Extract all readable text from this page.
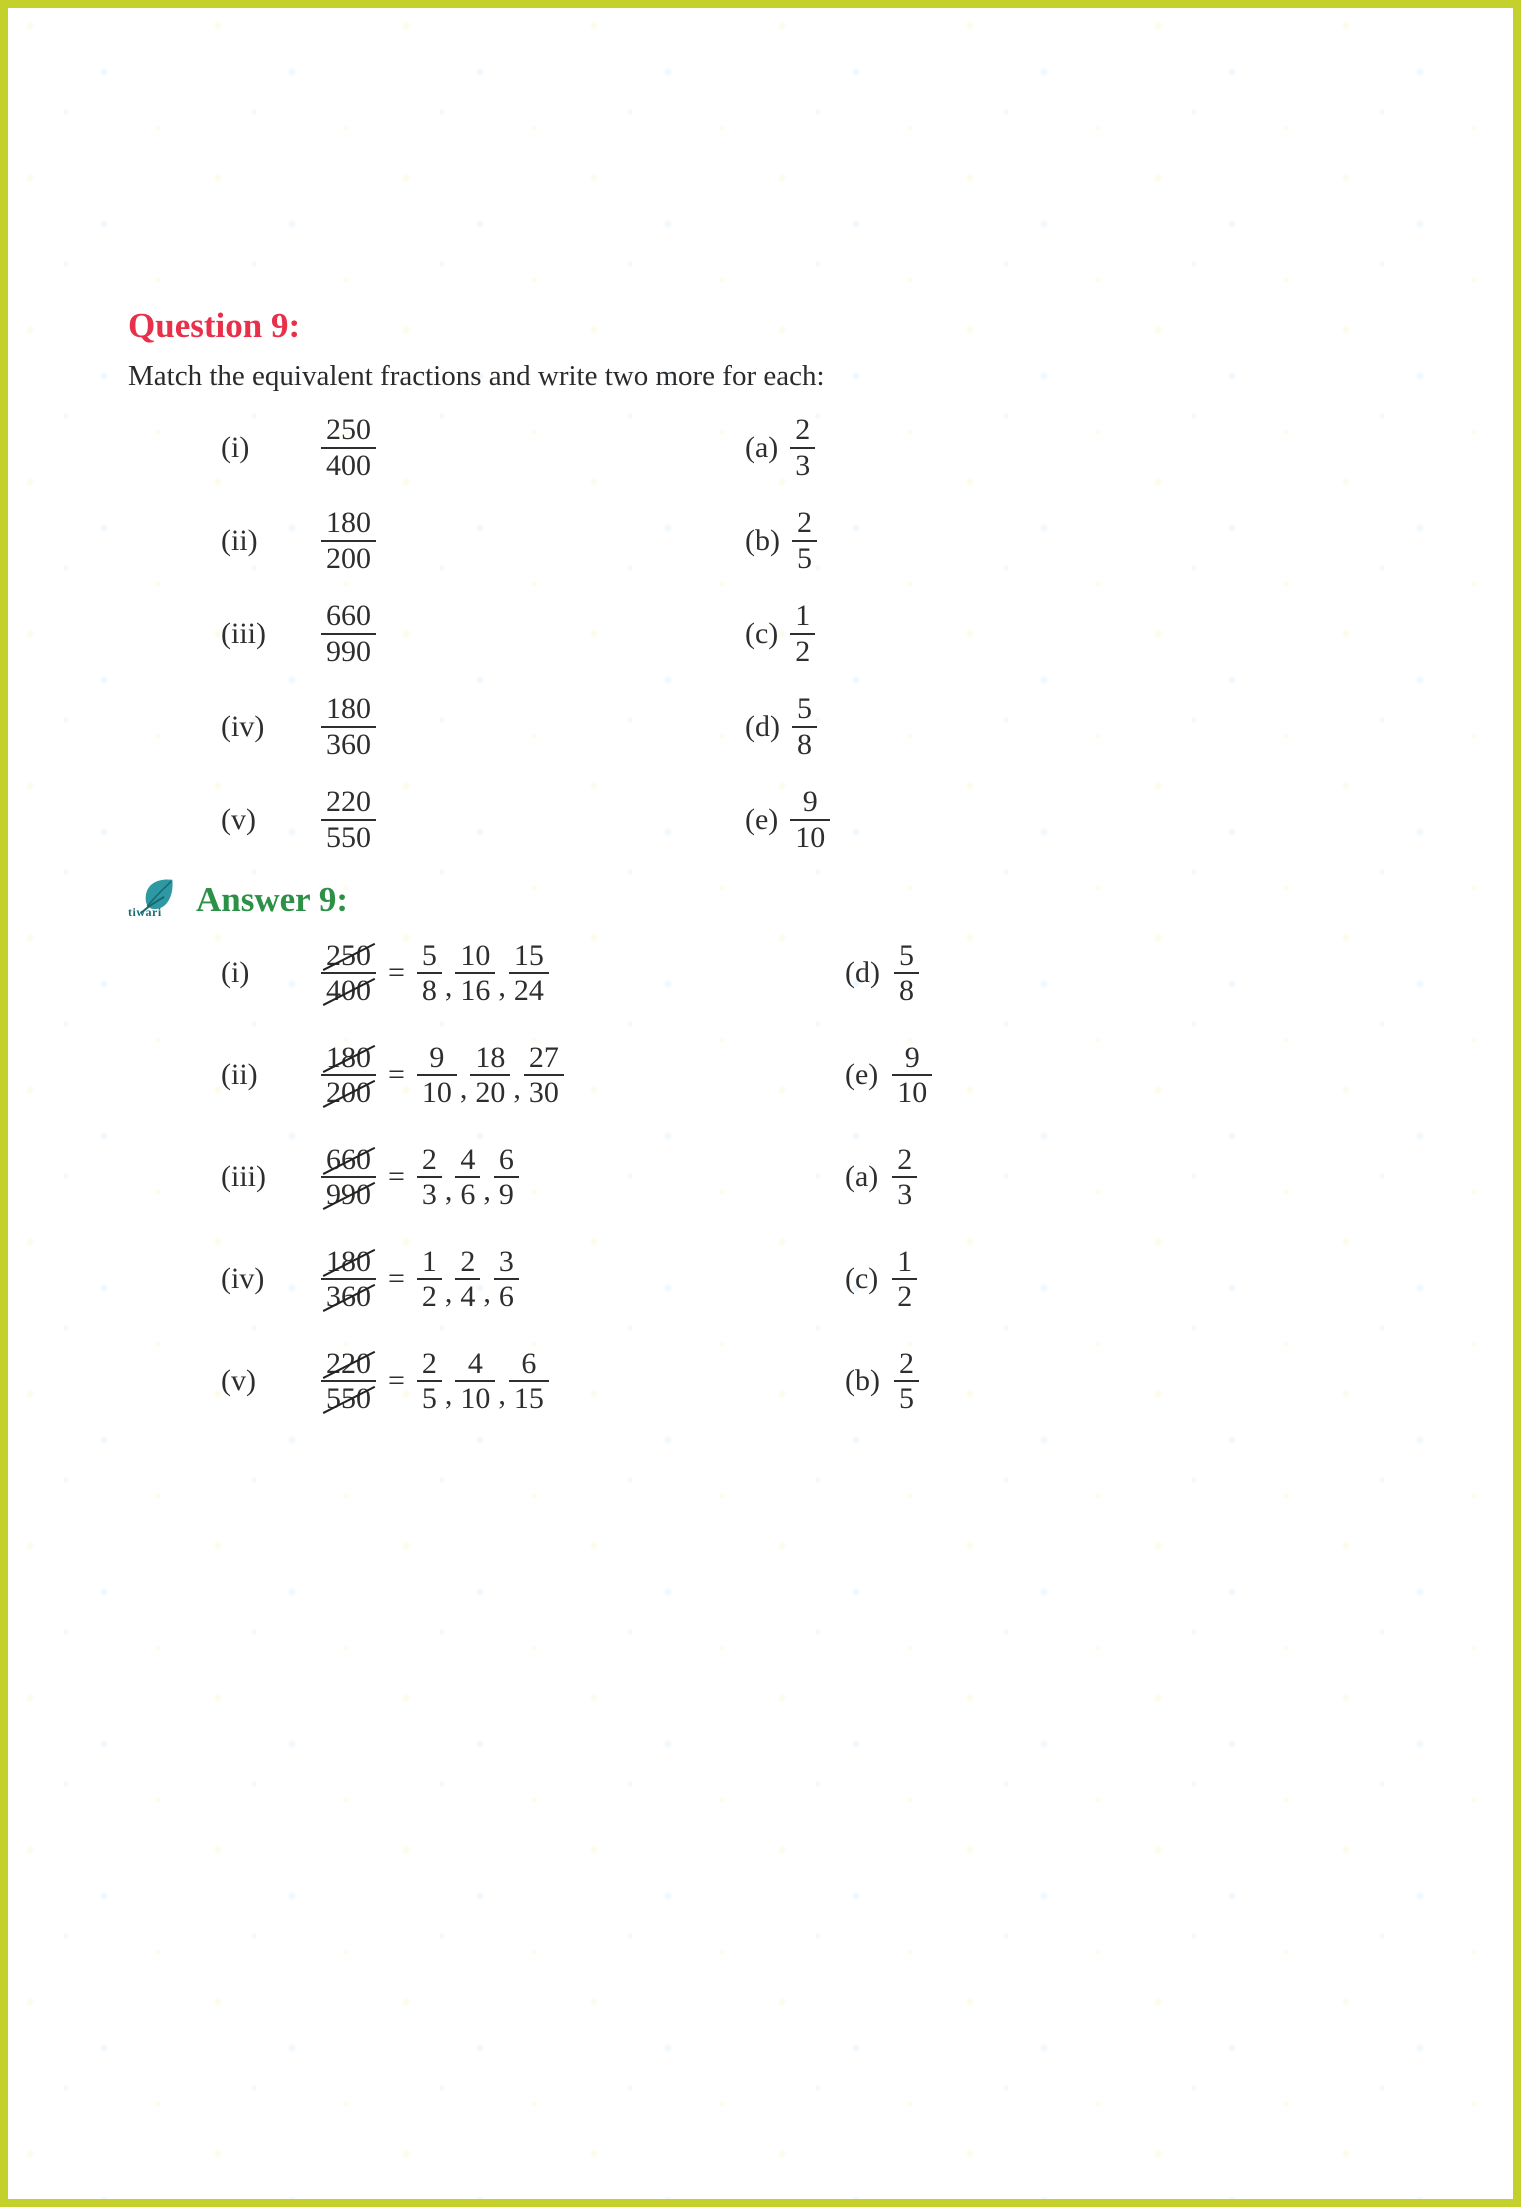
Question 9:

Match the equivalent fractions and write two more for each:

(i)	$\frac{250}{400}$	$(a) \frac{2}{3}$
(ii)	$\frac{180}{200}$	$(b) \frac{2}{5}$
(iii)	$\frac{660}{990}$	$(c) \frac{1}{2}$
(iv)	$\frac{180}{360}$	$(d) \frac{5}{8}$
(v)	$\frac{220}{550}$	$(e) \frac{9}{10}$
tiwari Answer 9:
(i)	$\frac{250}{400} = \frac{5}{8}$ , $\frac{10}{16}$ , $\frac{15}{24}$	$(d) \frac{5}{8}$
(ii)	$\frac{180}{200} = \frac{9}{10}$ , $\frac{18}{20}$ , $\frac{27}{30}$	$(e) \frac{9}{10}$
(iii)	$\frac{660}{990} = \frac{2}{3}$ , $\frac{4}{6}$ , $\frac{6}{9}$	$(a) \frac{2}{3}$
(iv)	$\frac{180}{360} = \frac{1}{2}$ , $\frac{2}{4}$ , $\frac{3}{6}$	$(c) \frac{1}{2}$
(v)	$\frac{220}{550} = \frac{2}{5}$ , $\frac{4}{10}$ , $\frac{6}{15}$	$(b) \frac{2}{5}$
